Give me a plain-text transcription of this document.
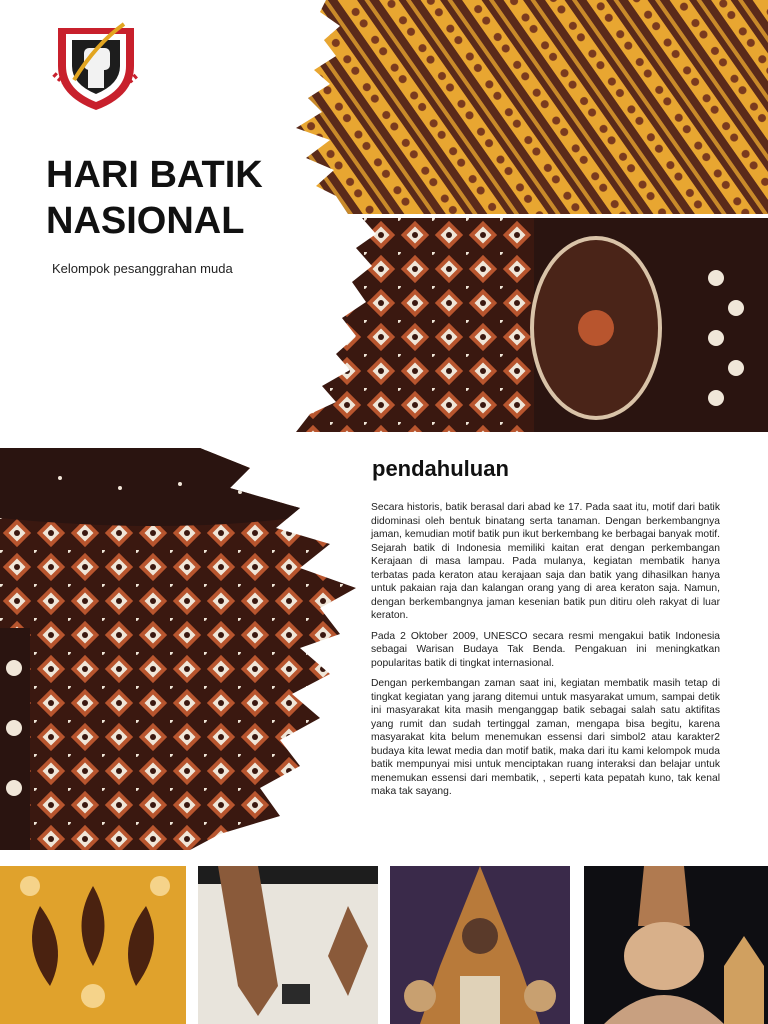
HARI BATIK
NASIONAL
Kelompok pesanggrahan muda
pendahuluan

Secara historis, batik berasal dari abad ke 17. Pada saat itu, motif dari batik didominasi oleh bentuk binatang serta tanaman. Dengan berkembangnya jaman, kemudian motif batik pun ikut berkembang ke berbagai banyak motif. Sejarah batik di Indonesia memiliki kaitan erat dengan perkembangan Kerajaan di masa lampau. Pada mulanya, kegiatan membatik hanya terbatas pada keraton atau kerajaan saja dan batik yang dihasilkan hanya untuk pakaian raja dan kalangan orang yang di area keraton saja. Namun, dengan berkembangnya jaman kesenian batik pun ditiru oleh rakyat di luar keraton.

Pada 2 Oktober 2009, UNESCO secara resmi mengakui batik Indonesia sebagai Warisan Budaya Tak Benda. Pengakuan ini meningkatkan popularitas batik di tingkat internasional.

Dengan perkembangan zaman saat ini, kegiatan membatik masih tetap di tingkat kegiatan yang jarang ditemui untuk masyarakat umum, sampai detik ini masyarakat kita masih menganggap batik sebagai salah satu aktifitas yang rumit dan sudah tertinggal zaman, mengapa bisa begitu, karena masyarakat kita belum menemukan essensi dari simbol2 atau karakter2 budaya kita lewat media dan motif batik, maka dari itu kami kelompok muda batik mempunyai misi untuk menciptakan ruang interaksi dan belajar untuk menemukan essensi dari membatik, , seperti kata pepatah kuno, tak kenal maka tak sayang.
